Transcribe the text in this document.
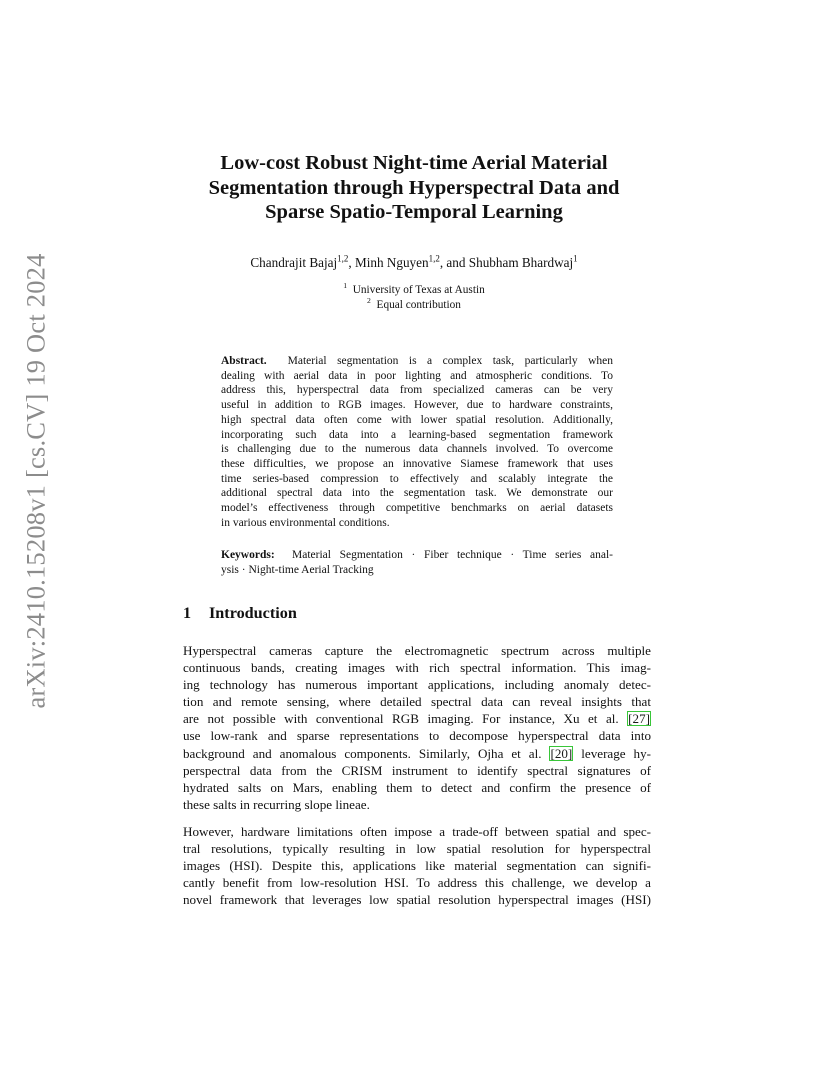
arXiv:2410.15208v1 [cs.CV] 19 Oct 2024
Low-cost Robust Night-time Aerial Material
Segmentation through Hyperspectral Data and
Sparse Spatio-Temporal Learning

Chandrajit Bajaj$^{1,2}$, Minh Nguyen$^{1,2}$, and Shubham Bhardwaj$^1$

$^1$ University of Texas at Austin
$^2$ Equal contribution
Abstract. Material segmentation is a complex task, particularly when
dealing with aerial data in poor lighting and atmospheric conditions. To
address this, hyperspectral data from specialized cameras can be very
useful in addition to RGB images. However, due to hardware constraints,
high spectral data often come with lower spatial resolution. Additionally,
incorporating such data into a learning-based segmentation framework
is challenging due to the numerous data channels involved. To overcome
these difficulties, we propose an innovative Siamese framework that uses
time series-based compression to effectively and scalably integrate the
additional spectral data into the segmentation task. We demonstrate our
model’s effectiveness through competitive benchmarks on aerial datasets
in various environmental conditions.
Keywords: Material Segmentation · Fiber technique · Time series anal-
ysis · Night-time Aerial Tracking
1 Introduction
Hyperspectral cameras capture the electromagnetic spectrum across multiple
continuous bands, creating images with rich spectral information. This imag-
ing technology has numerous important applications, including anomaly detec-
tion and remote sensing, where detailed spectral data can reveal insights that
are not possible with conventional RGB imaging. For instance, Xu et al. [27]
use low-rank and sparse representations to decompose hyperspectral data into
background and anomalous components. Similarly, Ojha et al. [20] leverage hy-
perspectral data from the CRISM instrument to identify spectral signatures of
hydrated salts on Mars, enabling them to detect and confirm the presence of
these salts in recurring slope lineae.
However, hardware limitations often impose a trade-off between spatial and spec-
tral resolutions, typically resulting in low spatial resolution for hyperspectral
images (HSI). Despite this, applications like material segmentation can signifi-
cantly benefit from low-resolution HSI. To address this challenge, we develop a
novel framework that leverages low spatial resolution hyperspectral images (HSI)
